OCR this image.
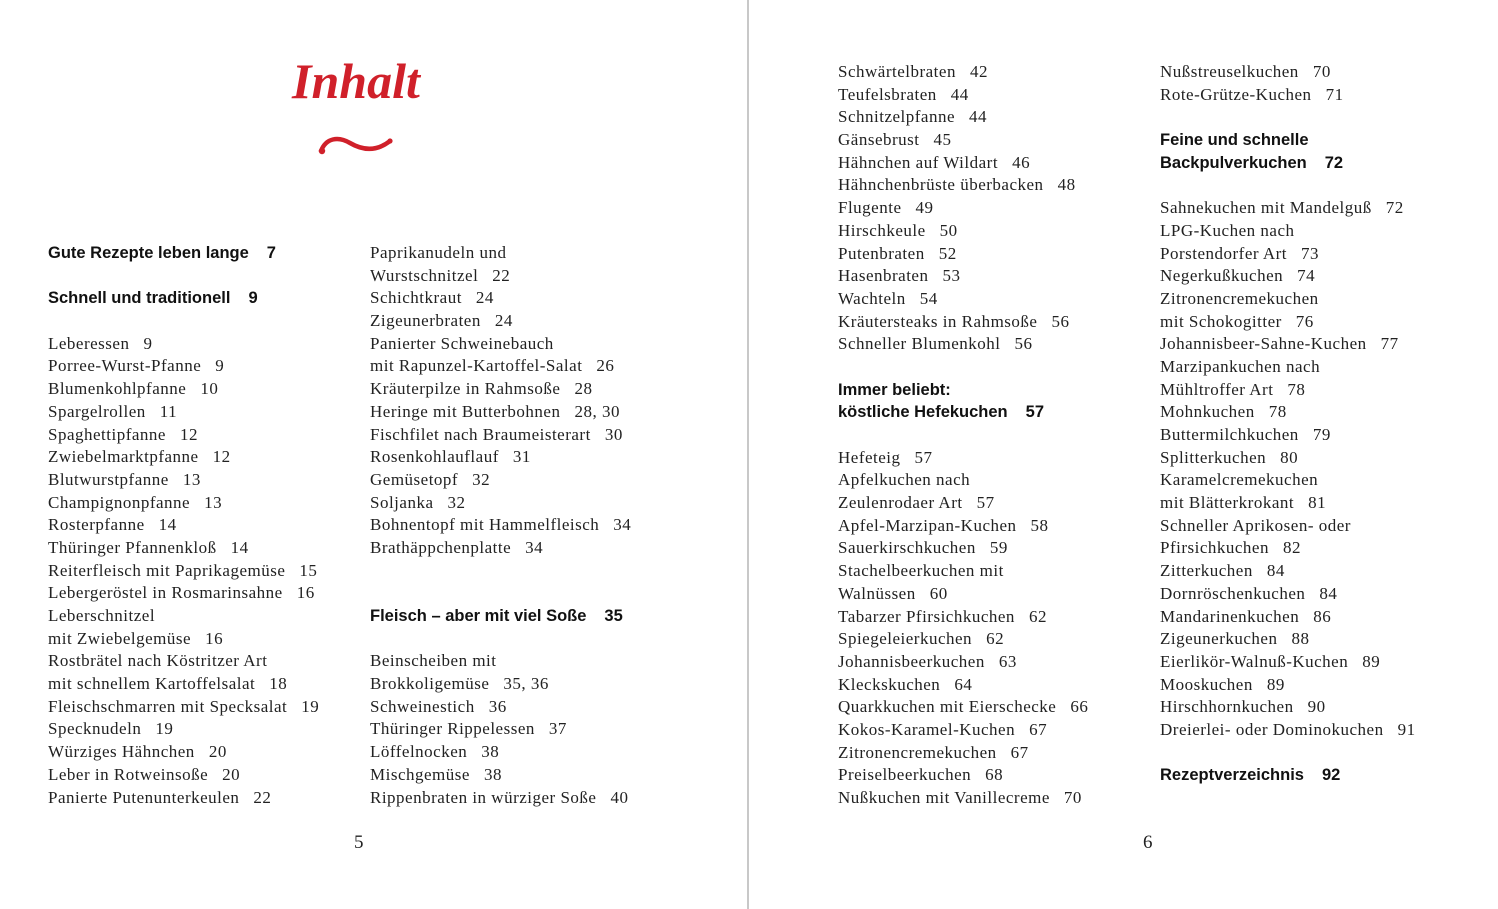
Inhalt
Gute Rezepte leben lange 7
Schnell und traditionell 9
Leberessen 9
Porree-Wurst-Pfanne 9
Blumenkohlpfanne 10
Spargelrollen 11
Spaghettipfanne 12
Zwiebelmarktpfanne 12
Blutwurstpfanne 13
Champignonpfanne 13
Rosterpfanne 14
Thüringer Pfannenkloß 14
Reiterfleisch mit Paprikagemüse 15
Lebergeröstel in Rosmarinsahne 16
Leberschnitzel
mit Zwiebelgemüse 16
Rostbrätel nach Köstritzer Art
mit schnellem Kartoffelsalat 18
Fleischschmarren mit Specksalat 19
Specknudeln 19
Würziges Hähnchen 20
Leber in Rotweinsoße 20
Panierte Putenunterkeulen 22
Paprikanudeln und
Wurstschnitzel 22
Schichtkraut 24
Zigeunerbraten 24
Panierter Schweinebauch
mit Rapunzel-Kartoffel-Salat 26
Kräuterpilze in Rahmsoße 28
Heringe mit Butterbohnen 28, 30
Fischfilet nach Braumeisterart 30
Rosenkohlauflauf 31
Gemüsetopf 32
Soljanka 32
Bohnentopf mit Hammelfleisch 34
Brathäppchenplatte 34
Fleisch – aber mit viel Soße 35
Beinscheiben mit
Brokkoligemüse 35, 36
Schweinestich 36
Thüringer Rippelessen 37
Löffelnocken 38
Mischgemüse 38
Rippenbraten in würziger Soße 40
5
Schwärtelbraten 42
Teufelsbraten 44
Schnitzelpfanne 44
Gänsebrust 45
Hähnchen auf Wildart 46
Hähnchenbrüste überbacken 48
Flugente 49
Hirschkeule 50
Putenbraten 52
Hasenbraten 53
Wachteln 54
Kräutersteaks in Rahmsoße 56
Schneller Blumenkohl 56
Immer beliebt:
köstliche Hefekuchen 57
Hefeteig 57
Apfelkuchen nach
Zeulenrodaer Art 57
Apfel-Marzipan-Kuchen 58
Sauerkirschkuchen 59
Stachelbeerkuchen mit
Walnüssen 60
Tabarzer Pfirsichkuchen 62
Spiegeleierkuchen 62
Johannisbeerkuchen 63
Kleckskuchen 64
Quarkkuchen mit Eierschecke 66
Kokos-Karamel-Kuchen 67
Zitronencremekuchen 67
Preiselbeerkuchen 68
Nußkuchen mit Vanillecreme 70
Nußstreuselkuchen 70
Rote-Grütze-Kuchen 71
Feine und schnelle
Backpulverkuchen 72
Sahnekuchen mit Mandelguß 72
LPG-Kuchen nach
Porstendorfer Art 73
Negerkußkuchen 74
Zitronencremekuchen
mit Schokogitter 76
Johannisbeer-Sahne-Kuchen 77
Marzipankuchen nach
Mühltroffer Art 78
Mohnkuchen 78
Buttermilchkuchen 79
Splitterkuchen 80
Karamelcremekuchen
mit Blätterkrokant 81
Schneller Aprikosen- oder
Pfirsichkuchen 82
Zitterkuchen 84
Dornröschenkuchen 84
Mandarinenkuchen 86
Zigeunerkuchen 88
Eierlikör-Walnuß-Kuchen 89
Mooskuchen 89
Hirschhornkuchen 90
Dreierlei- oder Dominokuchen 91
Rezeptverzeichnis 92
6
